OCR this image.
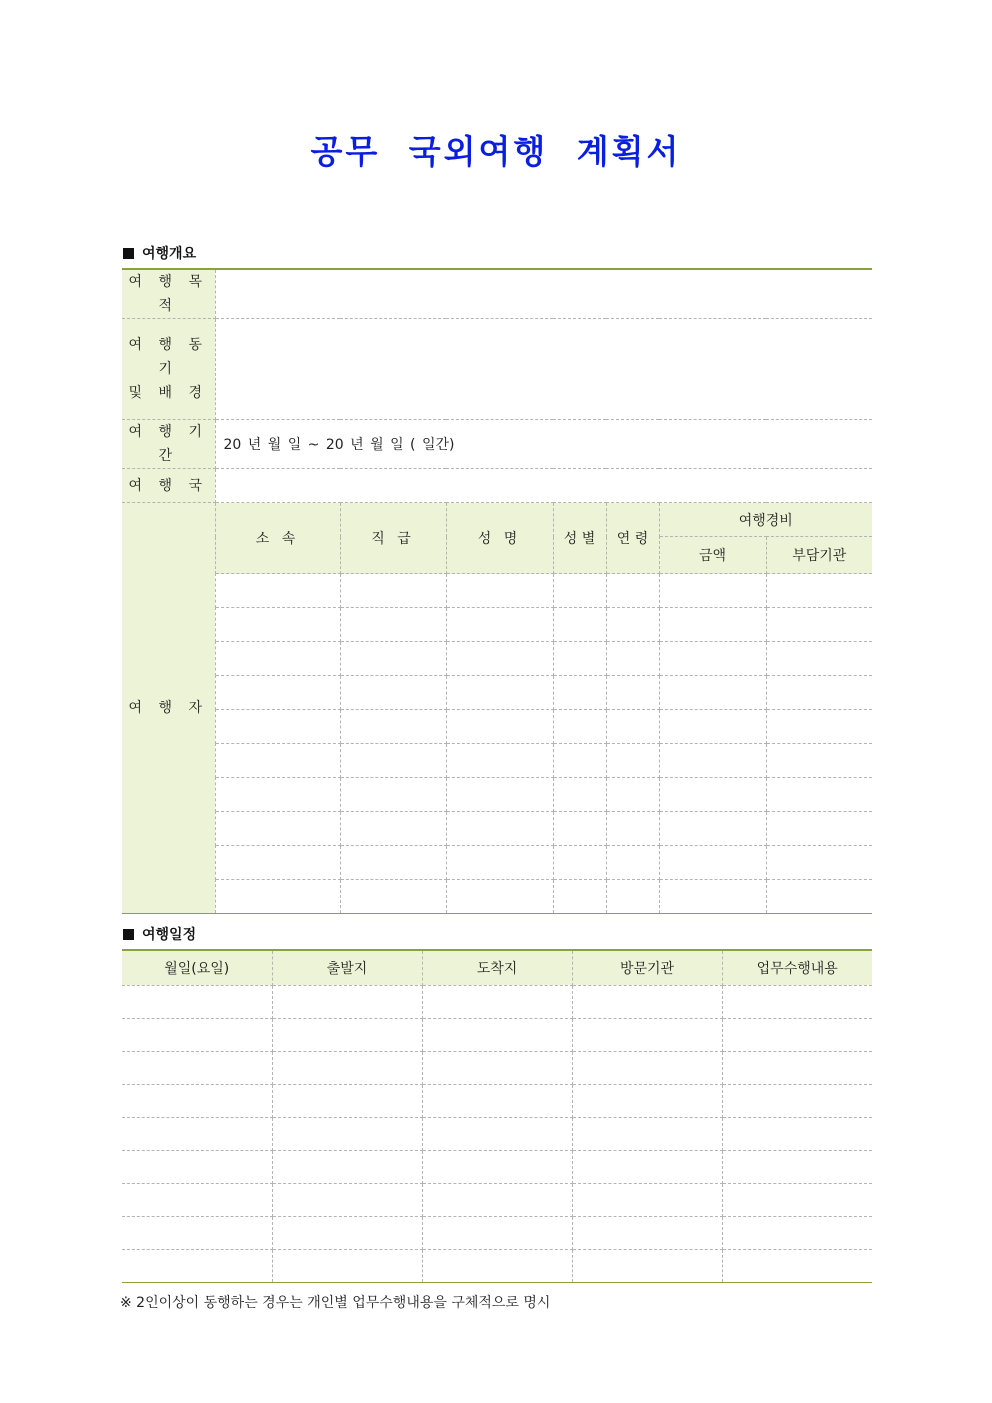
공무 국외여행 계획서
여행개요
여 행 목 적							
여 행 동 기
및 배 경							
여 행 기 간	20 년 월 일 ~ 20 년 월 일 ( 일간)						
여 행 국							
여 행 자	소 속	직 급	성 명	성 별	연 령	여행경비	
						금액	부담기관

여행일정
월일(요일)	출발지	도착지	방문기관	업무수행내용

※ 2인이상이 동행하는 경우는 개인별 업무수행내용을 구체적으로 명시
